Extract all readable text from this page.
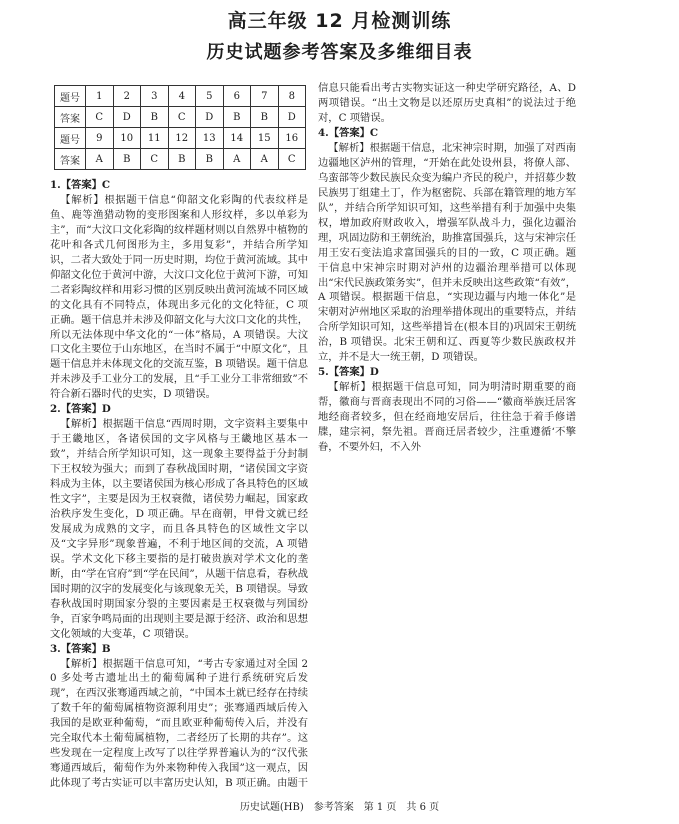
高三年级 12 月检测训练
历史试题参考答案及多维细目表
题号	1	2	3	4	5	6	7	8
答案	C	D	B	C	D	B	B	D
题号	9	10	11	12	13	14	15	16
答案	A	B	C	B	B	A	A	C

1.【答案】C

【解析】根据题干信息“仰韶文化彩陶的代表纹样是鱼、鹿等渔猎动物的变形图案和人形纹样，多以单彩为主”，而“大汶口文化彩陶的纹样题材则以自然界中植物的花叶和各式几何图形为主，多用复彩”，并结合所学知识，二者大致处于同一历史时期，均位于黄河流域。其中仰韶文化位于黄河中游，大汶口文化位于黄河下游，可知二者彩陶纹样和用彩习惯的区别反映出黄河流域不同区域的文化具有不同特点，体现出多元化的文化特征，C 项正确。题干信息并未涉及仰韶文化与大汶口文化的共性，所以无法体现中华文化的“一体”格局，A 项错误。大汶口文化主要位于山东地区，在当时不属于“中原文化”，且题干信息并未体现文化的交流互鉴，B 项错误。题干信息并未涉及手工业分工的发展，且“手工业分工非常细致”不符合新石器时代的史实，D 项错误。

2.【答案】D

【解析】根据题干信息“西周时期，文字资料主要集中于王畿地区，各诸侯国的文字风格与王畿地区基本一致”，并结合所学知识可知，这一现象主要得益于分封制下王权较为强大；而到了春秋战国时期，“诸侯国文字资料成为主体，以主要诸侯国为核心形成了各具特色的区域性文字”，主要是因为王权衰微，诸侯势力崛起，国家政治秩序发生变化，D 项正确。早在商朝，甲骨文就已经发展成为成熟的文字，而且各具特色的区域性文字以及“文字异形”现象普遍，不利于地区间的交流，A 项错误。学术文化下移主要指的是打破贵族对学术文化的垄断，由“学在官府”到“学在民间”，从题干信息看，春秋战国时期的汉字的发展变化与该现象无关，B 项错误。导致春秋战国时期国家分裂的主要因素是王权衰微与列国纷争，百家争鸣局面的出现则主要是源于经济、政治和思想文化领域的大变革，C 项错误。

3.【答案】B

【解析】根据题干信息可知，“考古专家通过对全国 20 多处考古遗址出土的葡萄属种子进行系统研究后发现”，在西汉张骞通西域之前，“中国本土就已经存在持续了数千年的葡萄属植物资源利用史”；张骞通西域后传入我国的是欧亚种葡萄，“而且欧亚种葡萄传入后，并没有完全取代本土葡萄属植物，二者经历了长期的共存”。这些发现在一定程度上改写了以往学界普遍认为的“汉代张骞通西域后，葡萄作为外来物种传入我国”这一观点，因此体现了考古实证可以丰富历史认知，B 项正确。由题干

信息只能看出考古实物实证这一种史学研究路径，A、D 两项错误。“出土文物是以还原历史真相”的说法过于绝对，C 项错误。

4.【答案】C

【解析】根据题干信息，北宋神宗时期，加强了对西南边疆地区泸州的管理，“开始在此处设州县，将僚人部、乌蛮部等少数民族民众变为编户齐民的税户，并招募少数民族男丁组建土丁，作为枢密院、兵部在籍管理的地方军队”，并结合所学知识可知，这些举措有利于加强中央集权，增加政府财政收入，增强军队战斗力，强化边疆治理，巩固边防和王朝统治，助推富国强兵，这与宋神宗任用王安石变法追求富国强兵的目的一致，C 项正确。题干信息中宋神宗时期对泸州的边疆治理举措可以体现出“宋代民族政策务实”，但并未反映出这些政策“有效”，A 项错误。根据题干信息，“实现边疆与内地一体化”是宋朝对泸州地区采取的治理举措体现出的重要特点，并结合所学知识可知，这些举措旨在(根本目的)巩固宋王朝统治，B 项错误。北宋王朝和辽、西夏等少数民族政权并立，并不是大一统王朝，D 项错误。

5.【答案】D

【解析】根据题干信息可知，同为明清时期重要的商帮，徽商与晋商表现出不同的习俗——“徽商举族迁居客地经商者较多，但在经商地安居后，往往急于着手修谱牒，建宗祠，祭先祖。晋商迁居者较少，注重遵循‘不擎眷，不要外妇，不入外

历史试题(HB)　参考答案　第 1 页　共 6 页
